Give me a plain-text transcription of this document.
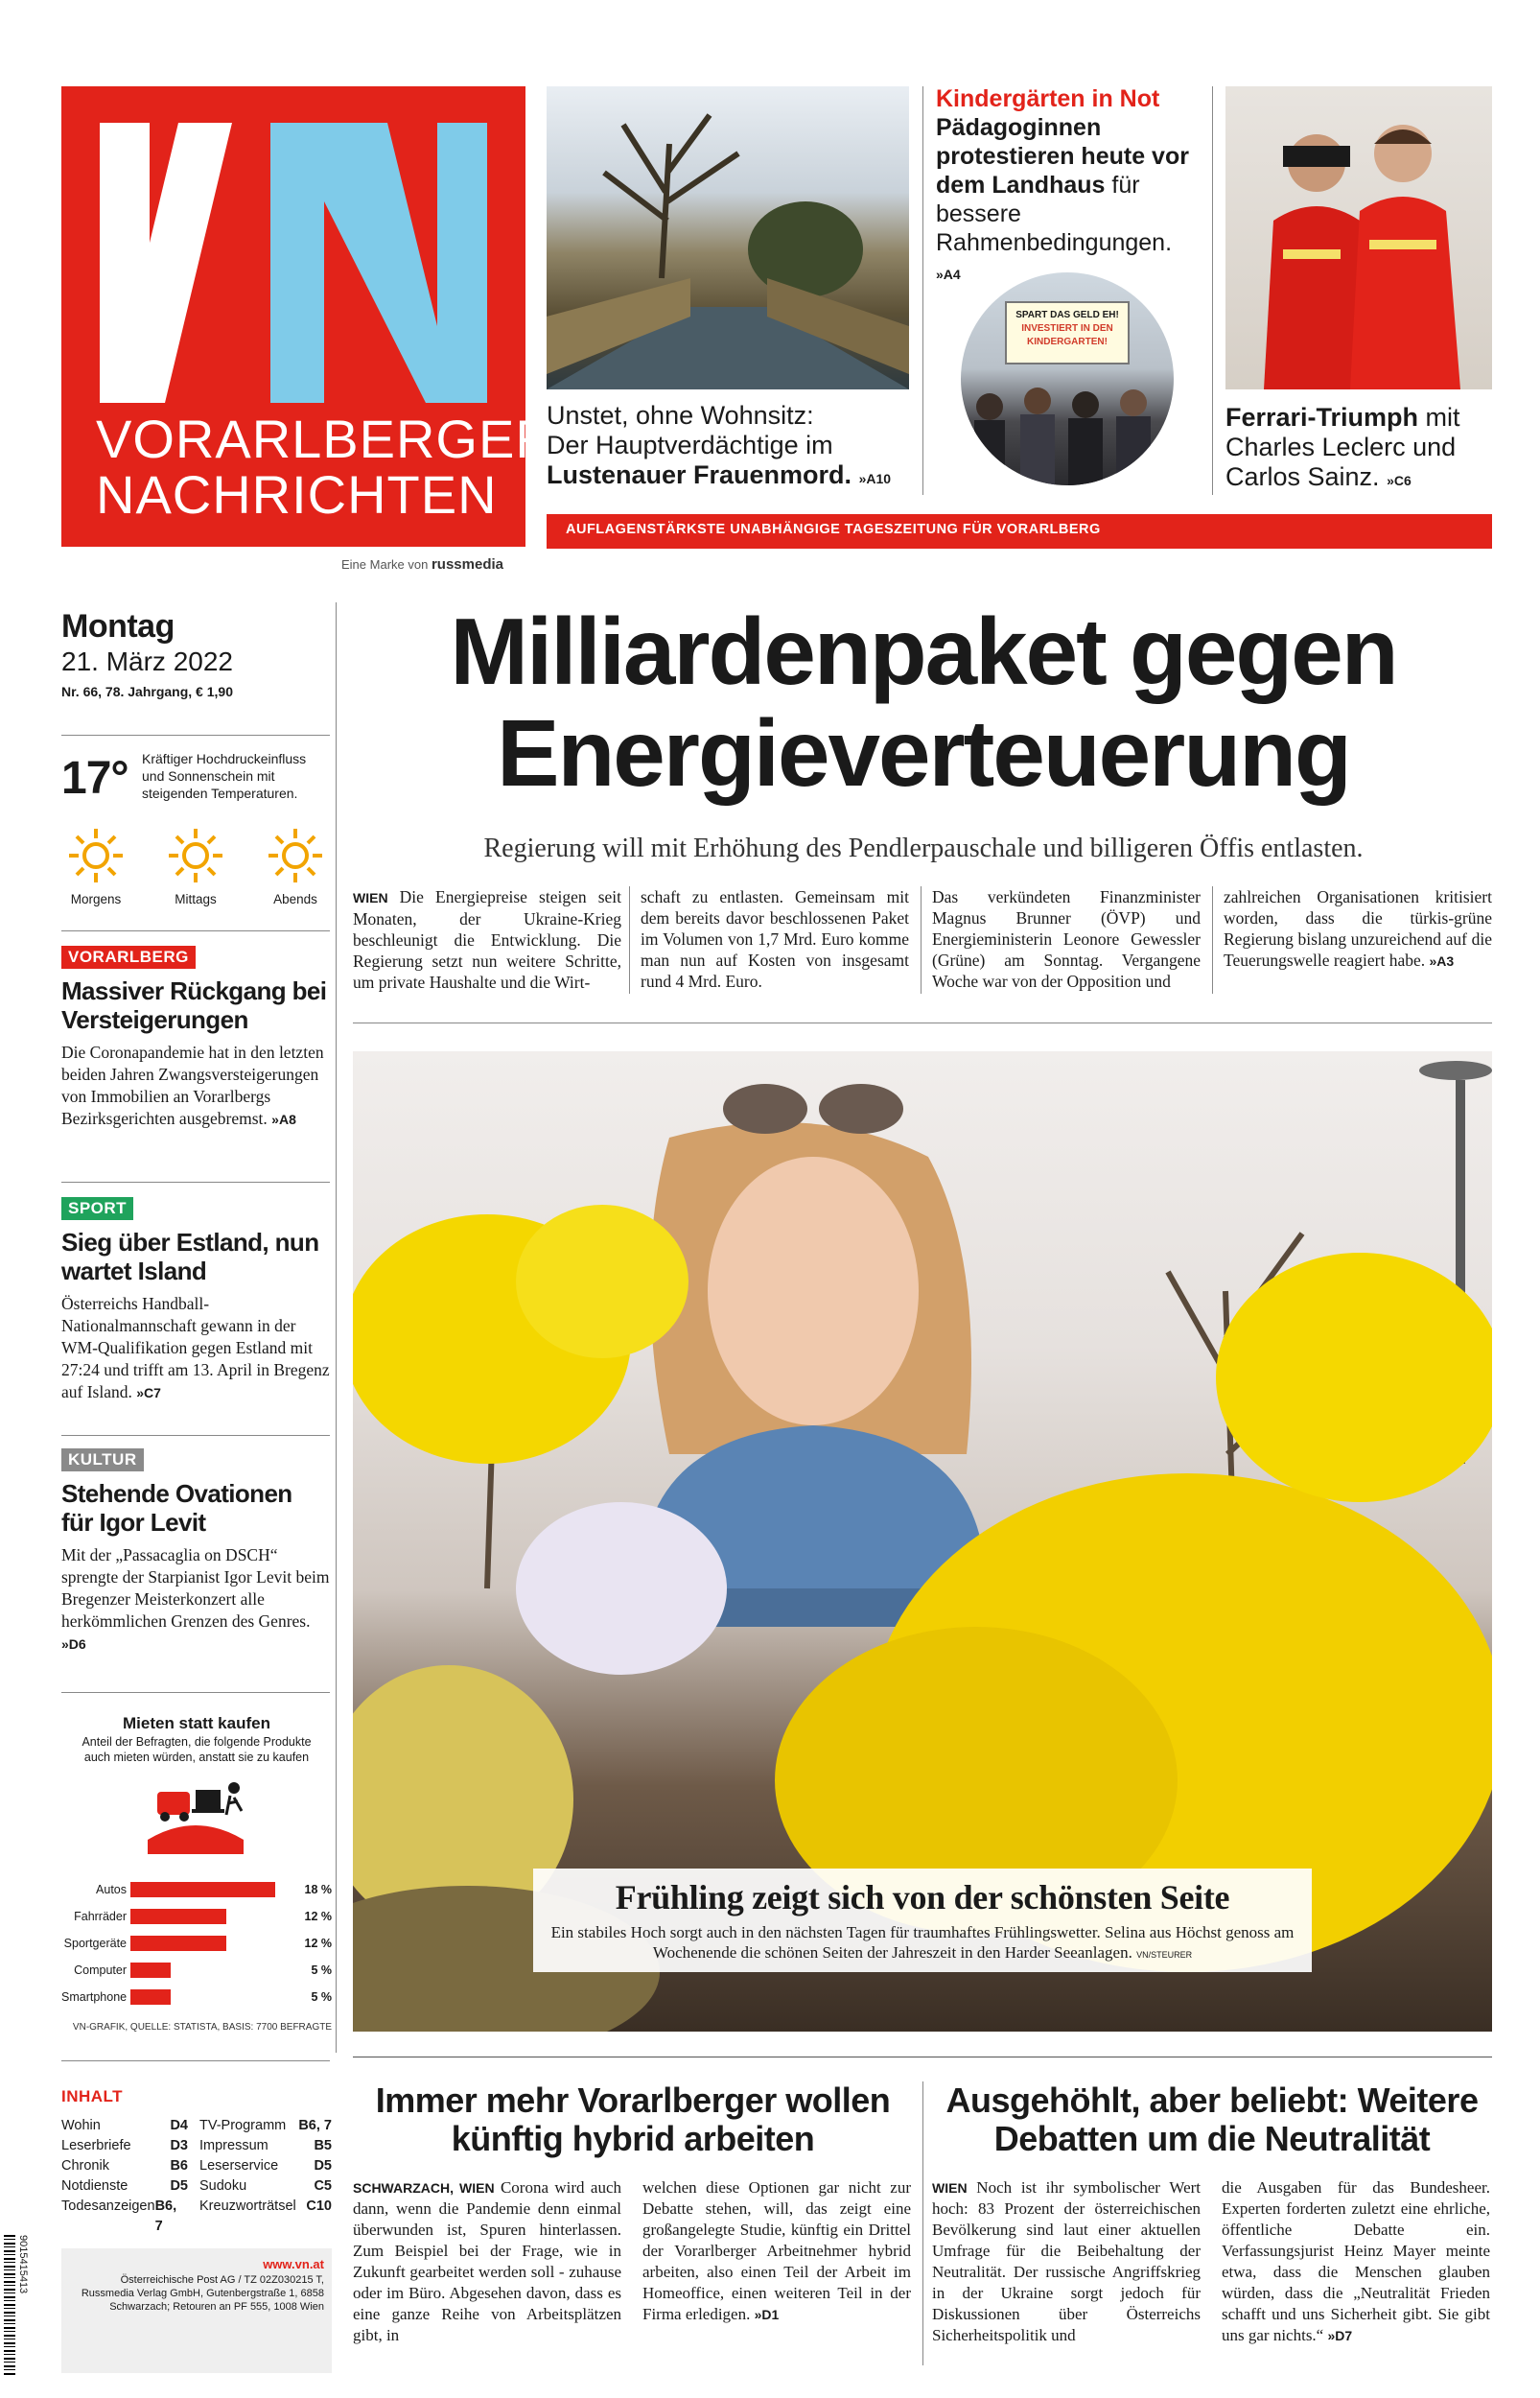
VORARLBERGER
NACHRICHTEN
Eine Marke von russmedia
Unstet, ohne Wohnsitz:
Der Hauptverdächtige im
Lustenauer Frauenmord. »A10
Kindergärten in Not
Pädagoginnen protestieren heute vor dem Landhaus für bessere Rahmenbedingungen. »A4
SPART DAS GELD EH!
INVESTIERT IN DEN KINDERGARTEN!
Ferrari-Triumph mit Charles Leclerc und Carlos Sainz. »C6
AUFLAGENSTÄRKSTE UNABHÄNGIGE TAGESZEITUNG FÜR VORARLBERG
Montag
21. März 2022
Nr. 66, 78. Jahrgang, € 1,90
17° Kräftiger Hochdruckeinfluss und Sonnenschein mit steigenden Temperaturen.
Morgens	Mittags	Abends
VORARLBERG
Massiver Rückgang bei Versteigerungen
Die Coronapandemie hat in den letzten beiden Jahren Zwangsversteigerungen von Immobilien an Vorarlbergs Bezirksgerichten ausgebremst. »A8
SPORT
Sieg über Estland, nun wartet Island
Österreichs Handball-Nationalmannschaft gewann in der WM-Qualifikation gegen Estland mit 27:24 und trifft am 13. April in Bregenz auf Island. »C7
KULTUR
Stehende Ovationen für Igor Levit
Mit der „Passacaglia on DSCH“ sprengte der Starpianist Igor Levit beim Bregenzer Meisterkonzert alle herkömmlichen Grenzen des Genres. »D6
Mieten statt kaufen
Anteil der Befragten, die folgende Produkte auch mieten würden, anstatt sie zu kaufen
Autos	18 %
Fahrräder	12 %
Sportgeräte	12 %
Computer	5 %
Smartphone	5 %
VN-GRAFIK, QUELLE: STATISTA, BASIS: 7700 BEFRAGTE
INHALT
Wohin	D4
Leserbriefe	D3
Chronik	B6
Notdienste	D5
Todesanzeigen B6, 7
TV-Programm B6, 7
Impressum	B5
Leserservice	D5
Sudoku	C5
Kreuzworträtsel C10
9015415413	www.vn.at
Österreichische Post AG / TZ 02Z030215 T, Russmedia Verlag GmbH, Gutenbergstraße 1, 6858 Schwarzach; Retouren an PF 555, 1008 Wien
Milliardenpaket gegen
Energieverteuerung
Regierung will mit Erhöhung des Pendlerpauschale und billigeren Öffis entlasten.
WIEN Die Energiepreise steigen seit Monaten, der Ukraine-Krieg beschleunigt die Entwicklung. Die Regierung setzt nun weitere Schritte, um private Haushalte und die Wirt-
schaft zu entlasten. Gemeinsam mit dem bereits davor beschlossenen Paket im Volumen von 1,7 Mrd. Euro komme man nun auf Kosten von insgesamt rund 4 Mrd. Euro.
Das verkündeten Finanzminister Magnus Brunner (ÖVP) und Energieministerin Leonore Gewessler (Grüne) am Sonntag. Vergangene Woche war von der Opposition und
zahlreichen Organisationen kritisiert worden, dass die türkis-grüne Regierung bislang unzureichend auf die Teuerungswelle reagiert habe. »A3
Frühling zeigt sich von der schönsten Seite
Ein stabiles Hoch sorgt auch in den nächsten Tagen für traumhaftes Frühlingswetter. Selina aus Höchst genoss am Wochenende die schönen Seiten der Jahreszeit in den Harder Seeanlagen. VN/STEURER
Immer mehr Vorarlberger wollen künftig hybrid arbeiten
SCHWARZACH, WIEN Corona wird auch dann, wenn die Pandemie denn einmal überwunden ist, Spuren hinterlassen. Zum Beispiel bei der Frage, wie in Zukunft gearbeitet werden soll - zuhause oder im Büro. Abgesehen davon, dass es eine ganze Reihe von Arbeitsplätzen gibt, in
welchen diese Optionen gar nicht zur Debatte stehen, will, das zeigt eine großangelegte Studie, künftig ein Drittel der Vorarlberger Arbeitnehmer hybrid arbeiten, also einen Teil der Arbeit im Homeoffice, einen weiteren Teil in der Firma erledigen. »D1
Ausgehöhlt, aber beliebt: Weitere Debatten um die Neutralität
WIEN Noch ist ihr symbolischer Wert hoch: 83 Prozent der österreichischen Bevölkerung sind laut einer aktuellen Umfrage für die Beibehaltung der Neutralität. Der russische Angriffskrieg in der Ukraine sorgt jedoch für Diskussionen über Österreichs Sicherheitspolitik und
die Ausgaben für das Bundesheer. Experten forderten zuletzt eine ehrliche, öffentliche Debatte ein. Verfassungsjurist Heinz Mayer meinte etwa, dass die Menschen glauben würden, dass die „Neutralität Frieden schafft und uns Sicherheit gibt. Sie gibt uns gar nichts.“ »D7
